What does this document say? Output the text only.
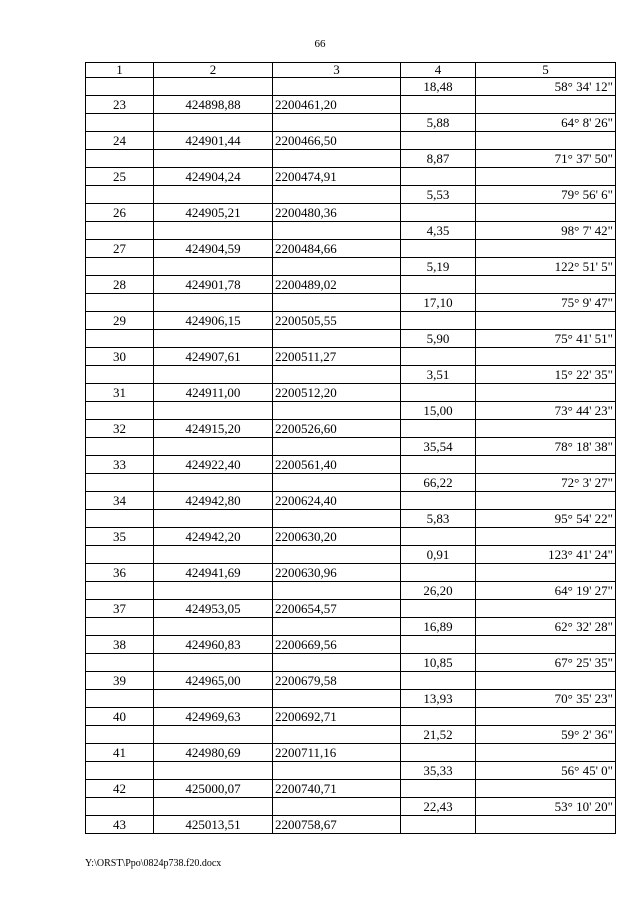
66
1	2	3	4	5
			18,48	58° 34' 12"
23	424898,88	2200461,20		
			5,88	64° 8' 26"
24	424901,44	2200466,50		
			8,87	71° 37' 50"
25	424904,24	2200474,91		
			5,53	79° 56' 6"
26	424905,21	2200480,36		
			4,35	98° 7' 42"
27	424904,59	2200484,66		
			5,19	122° 51' 5"
28	424901,78	2200489,02		
			17,10	75° 9' 47"
29	424906,15	2200505,55		
			5,90	75° 41' 51"
30	424907,61	2200511,27		
			3,51	15° 22' 35"
31	424911,00	2200512,20		
			15,00	73° 44' 23"
32	424915,20	2200526,60		
			35,54	78° 18' 38"
33	424922,40	2200561,40		
			66,22	72° 3' 27"
34	424942,80	2200624,40		
			5,83	95° 54' 22"
35	424942,20	2200630,20		
			0,91	123° 41' 24"
36	424941,69	2200630,96		
			26,20	64° 19' 27"
37	424953,05	2200654,57		
			16,89	62° 32' 28"
38	424960,83	2200669,56		
			10,85	67° 25' 35"
39	424965,00	2200679,58		
			13,93	70° 35' 23"
40	424969,63	2200692,71		
			21,52	59° 2' 36"
41	424980,69	2200711,16		
			35,33	56° 45' 0"
42	425000,07	2200740,71		
			22,43	53° 10' 20"
43	425013,51	2200758,67		
Y:\ORST\Ppo\0824p738.f20.docx
